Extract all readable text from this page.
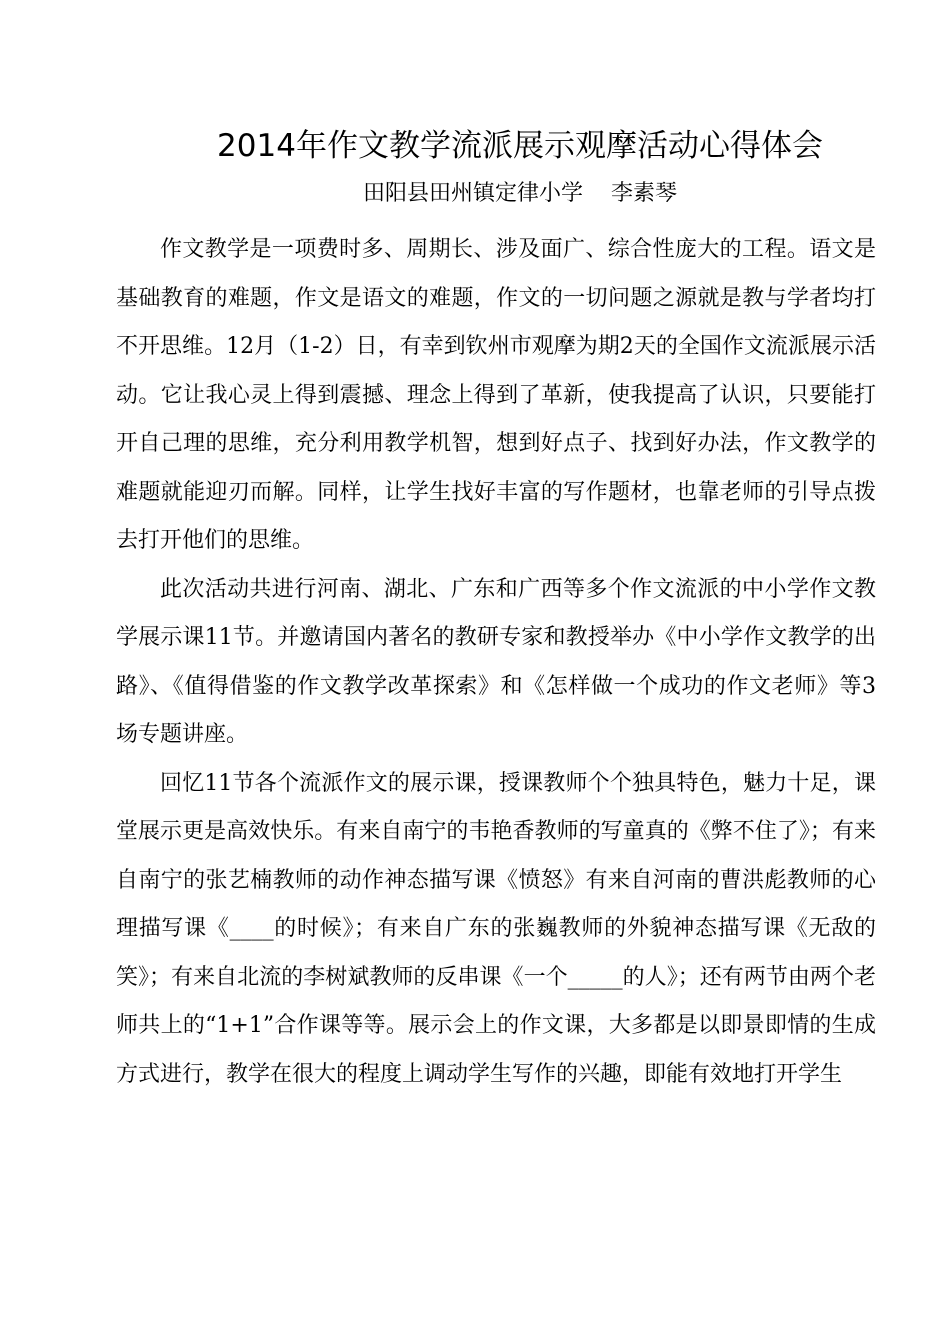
2014年作文教学流派展示观摩活动心得体会
田阳县田州镇定律小学    李素琴

作文教学是一项费时多、周期长、涉及面广、综合性庞大的工程。语文是基础教育的难题，作文是语文的难题，作文的一切问题之源就是教与学者均打不开思维。12月（1-2）日，有幸到钦州市观摩为期2天的全国作文流派展示活动。它让我心灵上得到震撼、理念上得到了革新，使我提高了认识，只要能打开自己理的思维，充分利用教学机智，想到好点子、找到好办法，作文教学的难题就能迎刃而解。同样，让学生找好丰富的写作题材，也靠老师的引导点拨去打开他们的思维。

此次活动共进行河南、湖北、广东和广西等多个作文流派的中小学作文教学展示课11节。并邀请国内著名的教研专家和教授举办《中小学作文教学的出路》、《值得借鉴的作文教学改革探索》和《怎样做一个成功的作文老师》等3场专题讲座。

回忆11节各个流派作文的展示课，授课教师个个独具特色，魅力十足，课堂展示更是高效快乐。有来自南宁的韦艳香教师的写童真的《弊不住了》；有来自南宁的张艺楠教师的动作神态描写课《愤怒》有来自河南的曹洪彪教师的心理描写课《____的时候》；有来自广东的张巍教师的外貌神态描写课《无敌的笑》；有来自北流的李树斌教师的反串课《一个_____的人》；还有两节由两个老师共上的“1+1”合作课等等。展示会上的作文课，大多都是以即景即情的生成方式进行，教学在很大的程度上调动学生写作的兴趣，即能有效地打开学生
